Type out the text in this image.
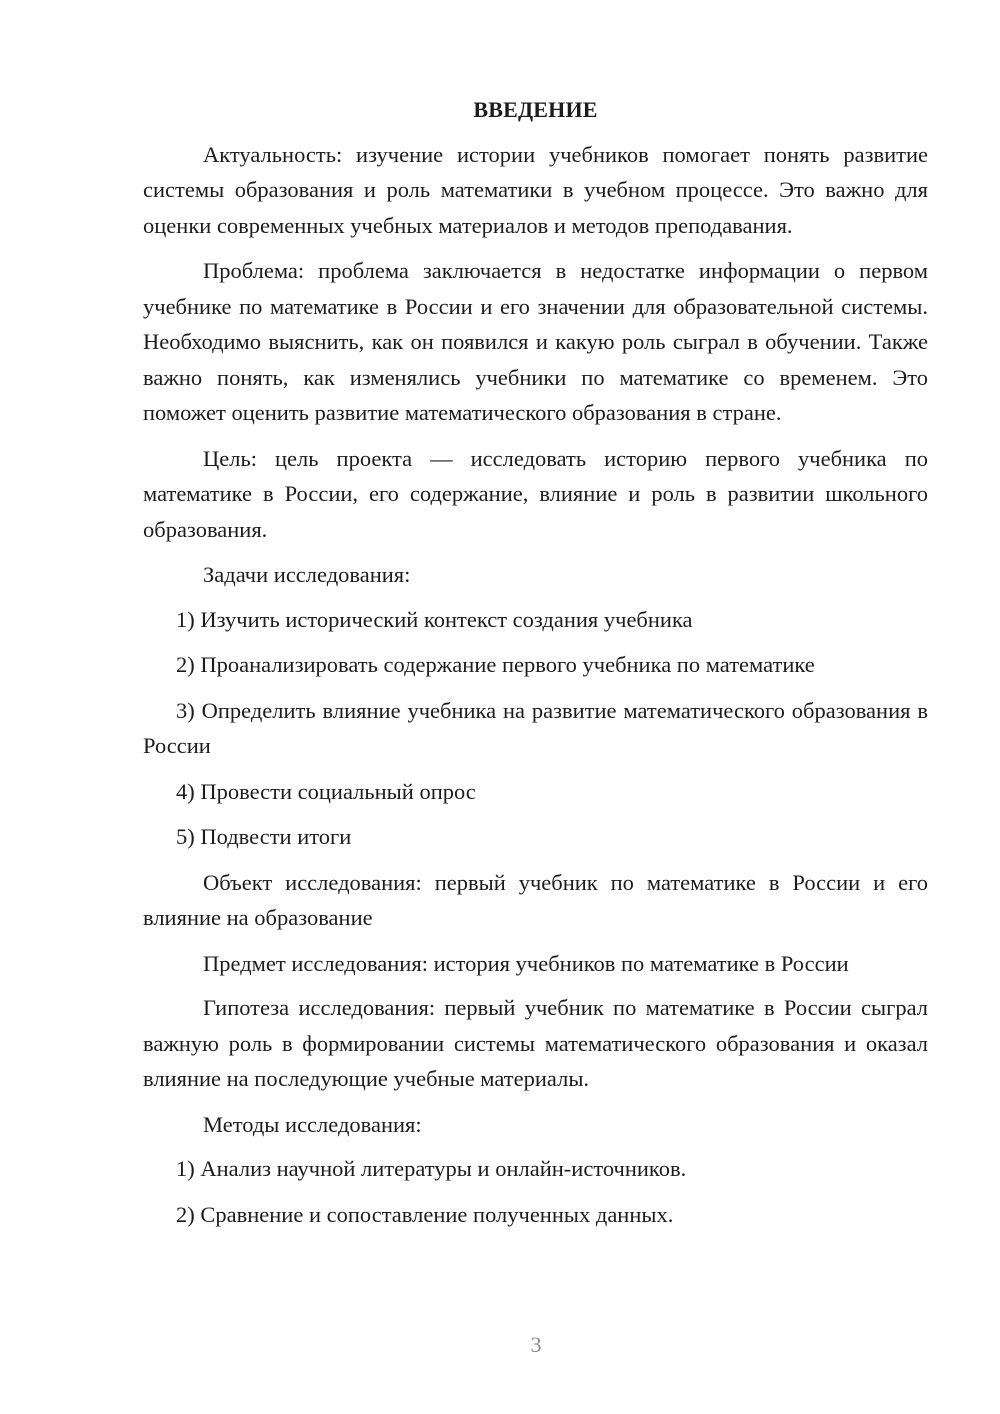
ВВЕДЕНИЕ

Актуальность: изучение истории учебников помогает понять развитие системы образования и роль математики в учебном процессе. Это важно для оценки современных учебных материалов и методов преподавания.

Проблема: проблема заключается в недостатке информации о первом учебнике по математике в России и его значении для образовательной системы. Необходимо выяснить, как он появился и какую роль сыграл в обучении. Также важно понять, как изменялись учебники по математике со временем. Это поможет оценить развитие математического образования в стране.

Цель: цель проекта — исследовать историю первого учебника по математике в России, его содержание, влияние и роль в развитии школьного образования.

Задачи исследования:

1) Изучить исторический контекст создания учебника

2) Проанализировать содержание первого учебника по математике

3) Определить влияние учебника на развитие математического образования в России

4) Провести социальный опрос

5) Подвести итоги

Объект исследования: первый учебник по математике в России и его влияние на образование

Предмет исследования: история учебников по математике в России

Гипотеза исследования: первый учебник по математике в России сыграл важную роль в формировании системы математического образования и оказал влияние на последующие учебные материалы.

Методы исследования:

1) Анализ научной литературы и онлайн-источников.

2) Сравнение и сопоставление полученных данных.

3
